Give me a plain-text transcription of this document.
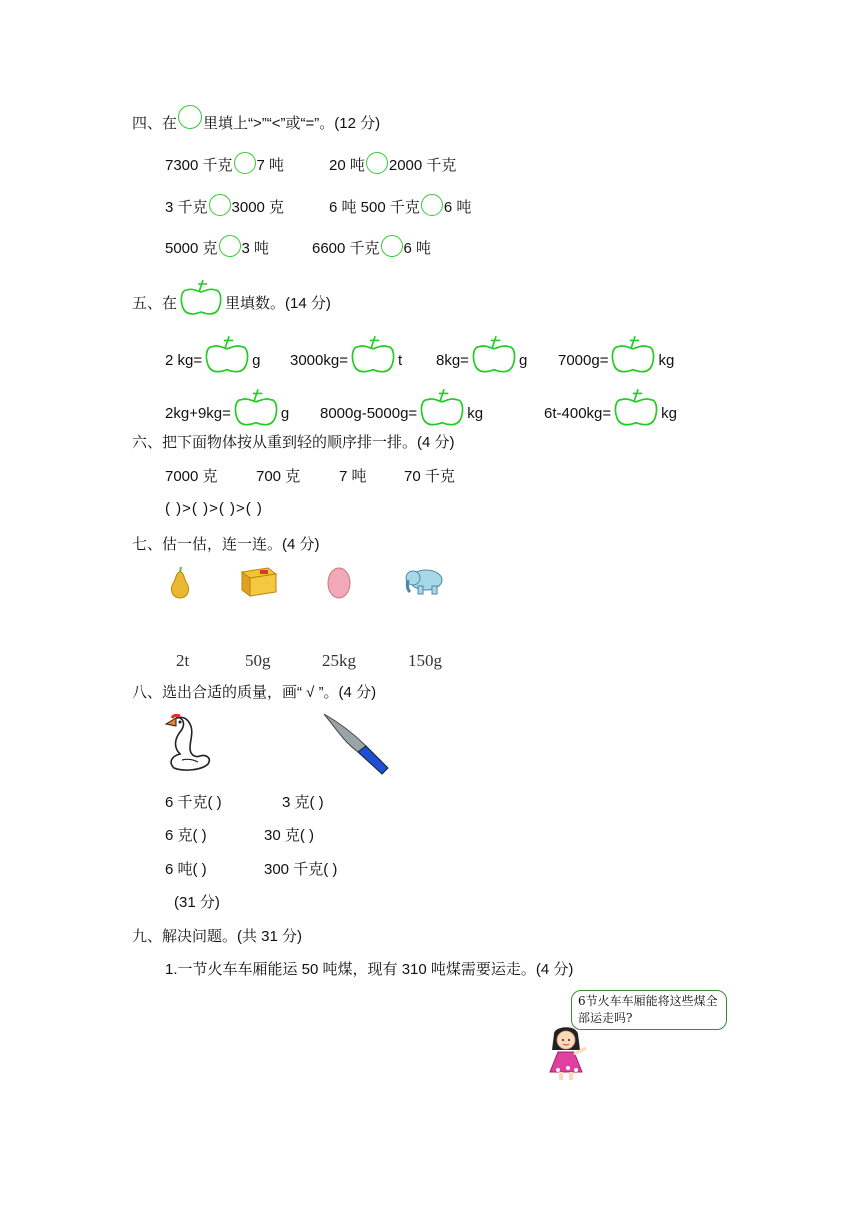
四、在 里填上“>”“<”或“=”。(12 分)
7300 千克 7 吨	20 吨 2000 千克
3 千克 3000 克	6 吨 500 千克 6 吨
5000 克 3 吨	6600 千克 6 吨
五、在	里填数。(14 分)
2 kg=	g 3000kg=	t 8kg=	g 7000g=	kg
2kg+9kg=	g 8000g-5000g=	kg	6t-400kg=	kg
六、把下面物体按从重到轻的顺序排一排。(4 分)
7000 克	700 克	7 吨 70 千克
( )>( )>( )>( )
七、估一估，连一连。(4 分)
2t	50g	25kg	150g
八、选出合适的质量，画“ √ ”。(4 分)
6 千克( )	3 克( )
6 克( )	30 克( )
6 吨( )	300 千克( )
(31 分)
九、解决问题。(共 31 分)
1.一节火车车厢能运 50 吨煤，现有 310 吨煤需要运走。(4 分)
6节火车车厢能将这些煤全部运走吗?
